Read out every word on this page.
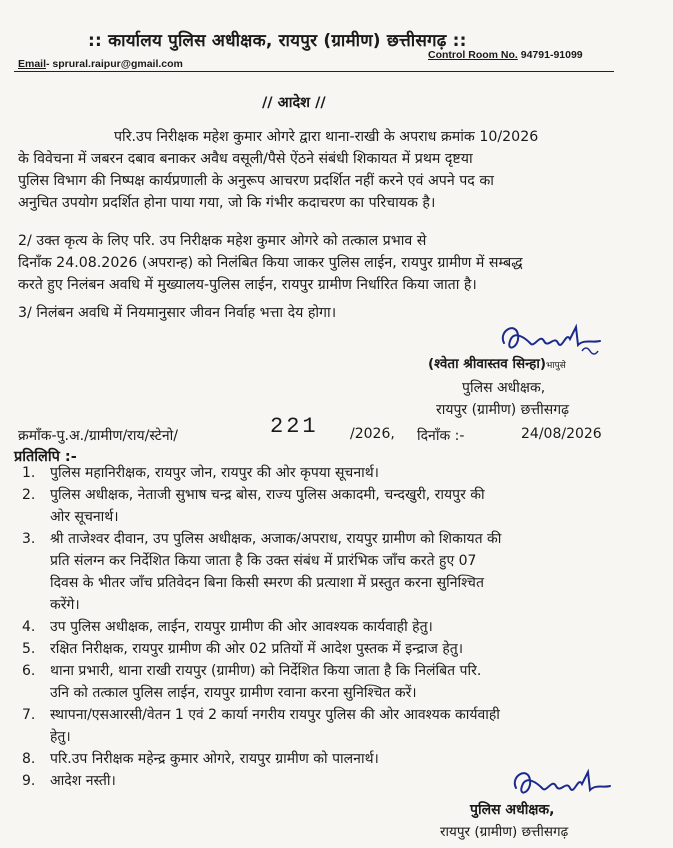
:: कार्यालय पुलिस अधीक्षक, रायपुर (ग्रामीण) छत्तीसगढ़ ::
Control Room No. 94791-91099
Email- sprural.raipur@gmail.com
// आदेश //
परि.उप निरीक्षक महेश कुमार ओगरे द्वारा थाना-राखी के अपराध क्रमांक 10/2026
के विवेचना में जबरन दबाव बनाकर अवैध वसूली/पैसे ऐंठने संबंधी शिकायत में प्रथम दृष्टया
पुलिस विभाग की निष्पक्ष कार्यप्रणाली के अनुरूप आचरण प्रदर्शित नहीं करने एवं अपने पद का
अनुचित उपयोग प्रदर्शित होना पाया गया, जो कि गंभीर कदाचरण का परिचायक है।
2/ उक्त कृत्य के लिए परि. उप निरीक्षक महेश कुमार ओगरे को तत्काल प्रभाव से
दिनाँक 24.08.2026 (अपरान्ह) को निलंबित किया जाकर पुलिस लाईन, रायपुर ग्रामीण में सम्बद्ध
करते हुए निलंबन अवधि में मुख्यालय-पुलिस लाईन, रायपुर ग्रामीण निर्धारित किया जाता है।
3/ निलंबन अवधि में नियमानुसार जीवन निर्वाह भत्ता देय होगा।
(श्वेता श्रीवास्तव सिन्हा)भापुसे
पुलिस अधीक्षक,
रायपुर (ग्रामीण) छत्तीसगढ़
क्रमाँक-पु.अ./ग्रामीण/राय/स्टेनो/	221 /2026, दिनाँक :-	24/08/2026
प्रतिलिपि :-
1.	पुलिस महानिरीक्षक, रायपुर जोन, रायपुर की ओर कृपया सूचनार्थ।
2.	पुलिस अधीक्षक, नेताजी सुभाष चन्द्र बोस, राज्य पुलिस अकादमी, चन्दखुरी, रायपुर की
ओर सूचनार्थ।
3.	श्री ताजेश्वर दीवान, उप पुलिस अधीक्षक, अजाक/अपराध, रायपुर ग्रामीण को शिकायत की
प्रति संलग्न कर निर्देशित किया जाता है कि उक्त संबंध में प्रारंभिक जाँच करते हुए 07
दिवस के भीतर जाँच प्रतिवेदन बिना किसी स्मरण की प्रत्याशा में प्रस्तुत करना सुनिश्चित
करेंगे।
4.	उप पुलिस अधीक्षक, लाईन, रायपुर ग्रामीण की ओर आवश्यक कार्यवाही हेतु।
5.	रक्षित निरीक्षक, रायपुर ग्रामीण की ओर 02 प्रतियों में आदेश पुस्तक में इन्द्राज हेतु।
6.	थाना प्रभारी, थाना राखी रायपुर (ग्रामीण) को निर्देशित किया जाता है कि निलंबित परि.
उनि को तत्काल पुलिस लाईन, रायपुर ग्रामीण रवाना करना सुनिश्चित करें।
7.	स्थापना/एसआरसी/वेतन 1 एवं 2 कार्या नगरीय रायपुर पुलिस की ओर आवश्यक कार्यवाही
हेतु।
8.	परि.उप निरीक्षक महेन्द्र कुमार ओगरे, रायपुर ग्रामीण को पालनार्थ।
9.	आदेश नस्ती।
पुलिस अधीक्षक,
रायपुर (ग्रामीण) छत्तीसगढ़
